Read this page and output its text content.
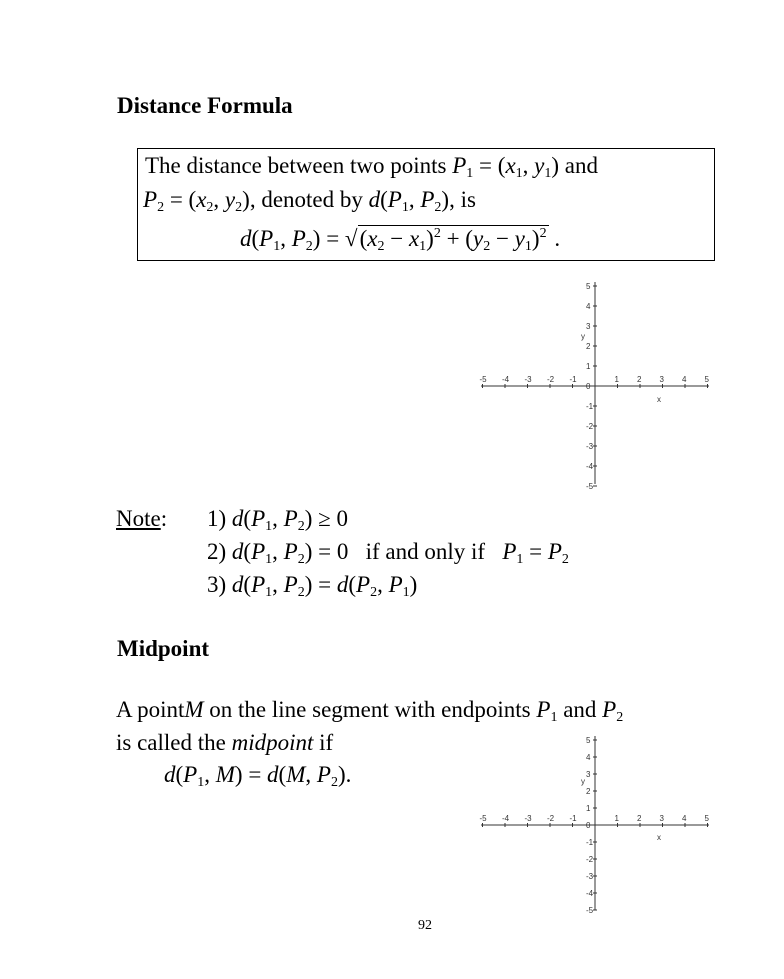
Distance Formula
The distance between two points $P_1 = (x_1$, $y_1$) and
$P_2 = (x_2$, $y_2$), denoted by $d(P_1$, $P_2$), is
$d(P_1$, $P_2) = √(x_2 - x_1)^2 + (y_2 - y_1)^2$ .
-5
-5
-4
-4
-3
-3
-2
-2
-1
-1
0
1
1
2
2
3
3
4
4
5
5
x
y
Note: 1) $d(P_1$, $P_2) \ge 0$
2) $d(P_1$, $P_2) = 0$   if and only if $P_1 = P_2$
3) $d(P_1$, $P_2) = d(P_2$, $P_1$)
Midpoint
A pointM on the line segment with endpoints $P_1$ and $P_2$
is called the midpoint if
$d(P_1$, M) = d(M, $P_2$).
-5
-5
-4
-4
-3
-3
-2
-2
-1
-1
0
1
1
2
2
3
3
4
4
5
5
x
y
92
